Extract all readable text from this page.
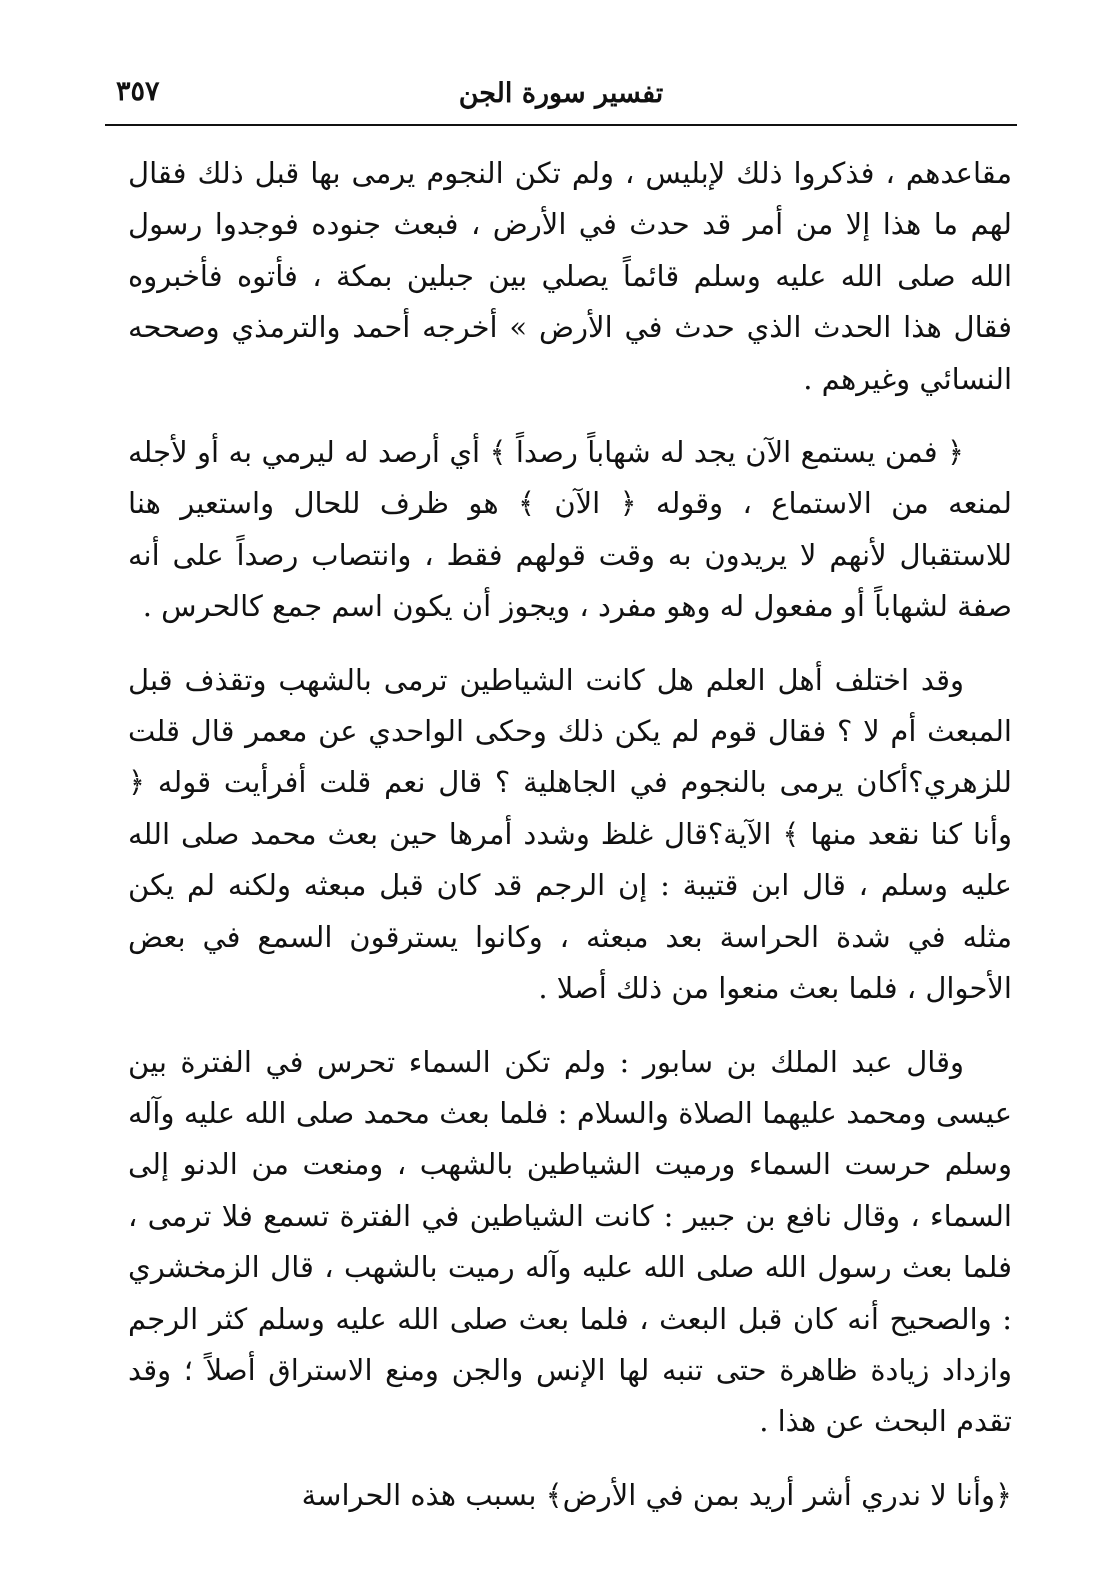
٣٥٧	تفسير سورة الجن

مقاعدهم ، فذكروا ذلك لإبليس ، ولم تكن النجوم يرمى بها قبل ذلك فقال لهم ما هذا إلا من أمر قد حدث في الأرض ، فبعث جنوده فوجدوا رسول الله صلى الله عليه وسلم قائماً يصلي بين جبلين بمكة ، فأتوه فأخبروه فقال هذا الحدث الذي حدث في الأرض » أخرجه أحمد والترمذي وصححه النسائي وغيرهم .

﴿ فمن يستمع الآن يجد له شهاباً رصداً ﴾ أي أرصد له ليرمي به أو لأجله لمنعه من الاستماع ، وقوله ﴿ الآن ﴾ هو ظرف للحال واستعير هنا للاستقبال لأنهم لا يريدون به وقت قولهم فقط ، وانتصاب رصداً على أنه صفة لشهاباً أو مفعول له وهو مفرد ، ويجوز أن يكون اسم جمع كالحرس .

وقد اختلف أهل العلم هل كانت الشياطين ترمى بالشهب وتقذف قبل المبعث أم لا ؟ فقال قوم لم يكن ذلك وحكى الواحدي عن معمر قال قلت للزهري؟أكان يرمى بالنجوم في الجاهلية ؟ قال نعم قلت أفرأيت قوله ﴿ وأنا كنا نقعد منها ﴾ الآية؟قال غلظ وشدد أمرها حين بعث محمد صلى الله عليه وسلم ، قال ابن قتيبة : إن الرجم قد كان قبل مبعثه ولكنه لم يكن مثله في شدة الحراسة بعد مبعثه ، وكانوا يسترقون السمع في بعض الأحوال ، فلما بعث منعوا من ذلك أصلا .

وقال عبد الملك بن سابور : ولم تكن السماء تحرس في الفترة بين عيسى ومحمد عليهما الصلاة والسلام : فلما بعث محمد صلى الله عليه وآله وسلم حرست السماء ورميت الشياطين بالشهب ، ومنعت من الدنو إلى السماء ، وقال نافع بن جبير : كانت الشياطين في الفترة تسمع فلا ترمى ، فلما بعث رسول الله صلى الله عليه وآله رميت بالشهب ، قال الزمخشري : والصحيح أنه كان قبل البعث ، فلما بعث صلى الله عليه وسلم كثر الرجم وازداد زيادة ظاهرة حتى تنبه لها الإنس والجن ومنع الاستراق أصلاً ؛ وقد تقدم البحث عن هذا .

﴿وأنا لا ندري أشر أريد بمن في الأرض﴾ بسبب هذه الحراسة
